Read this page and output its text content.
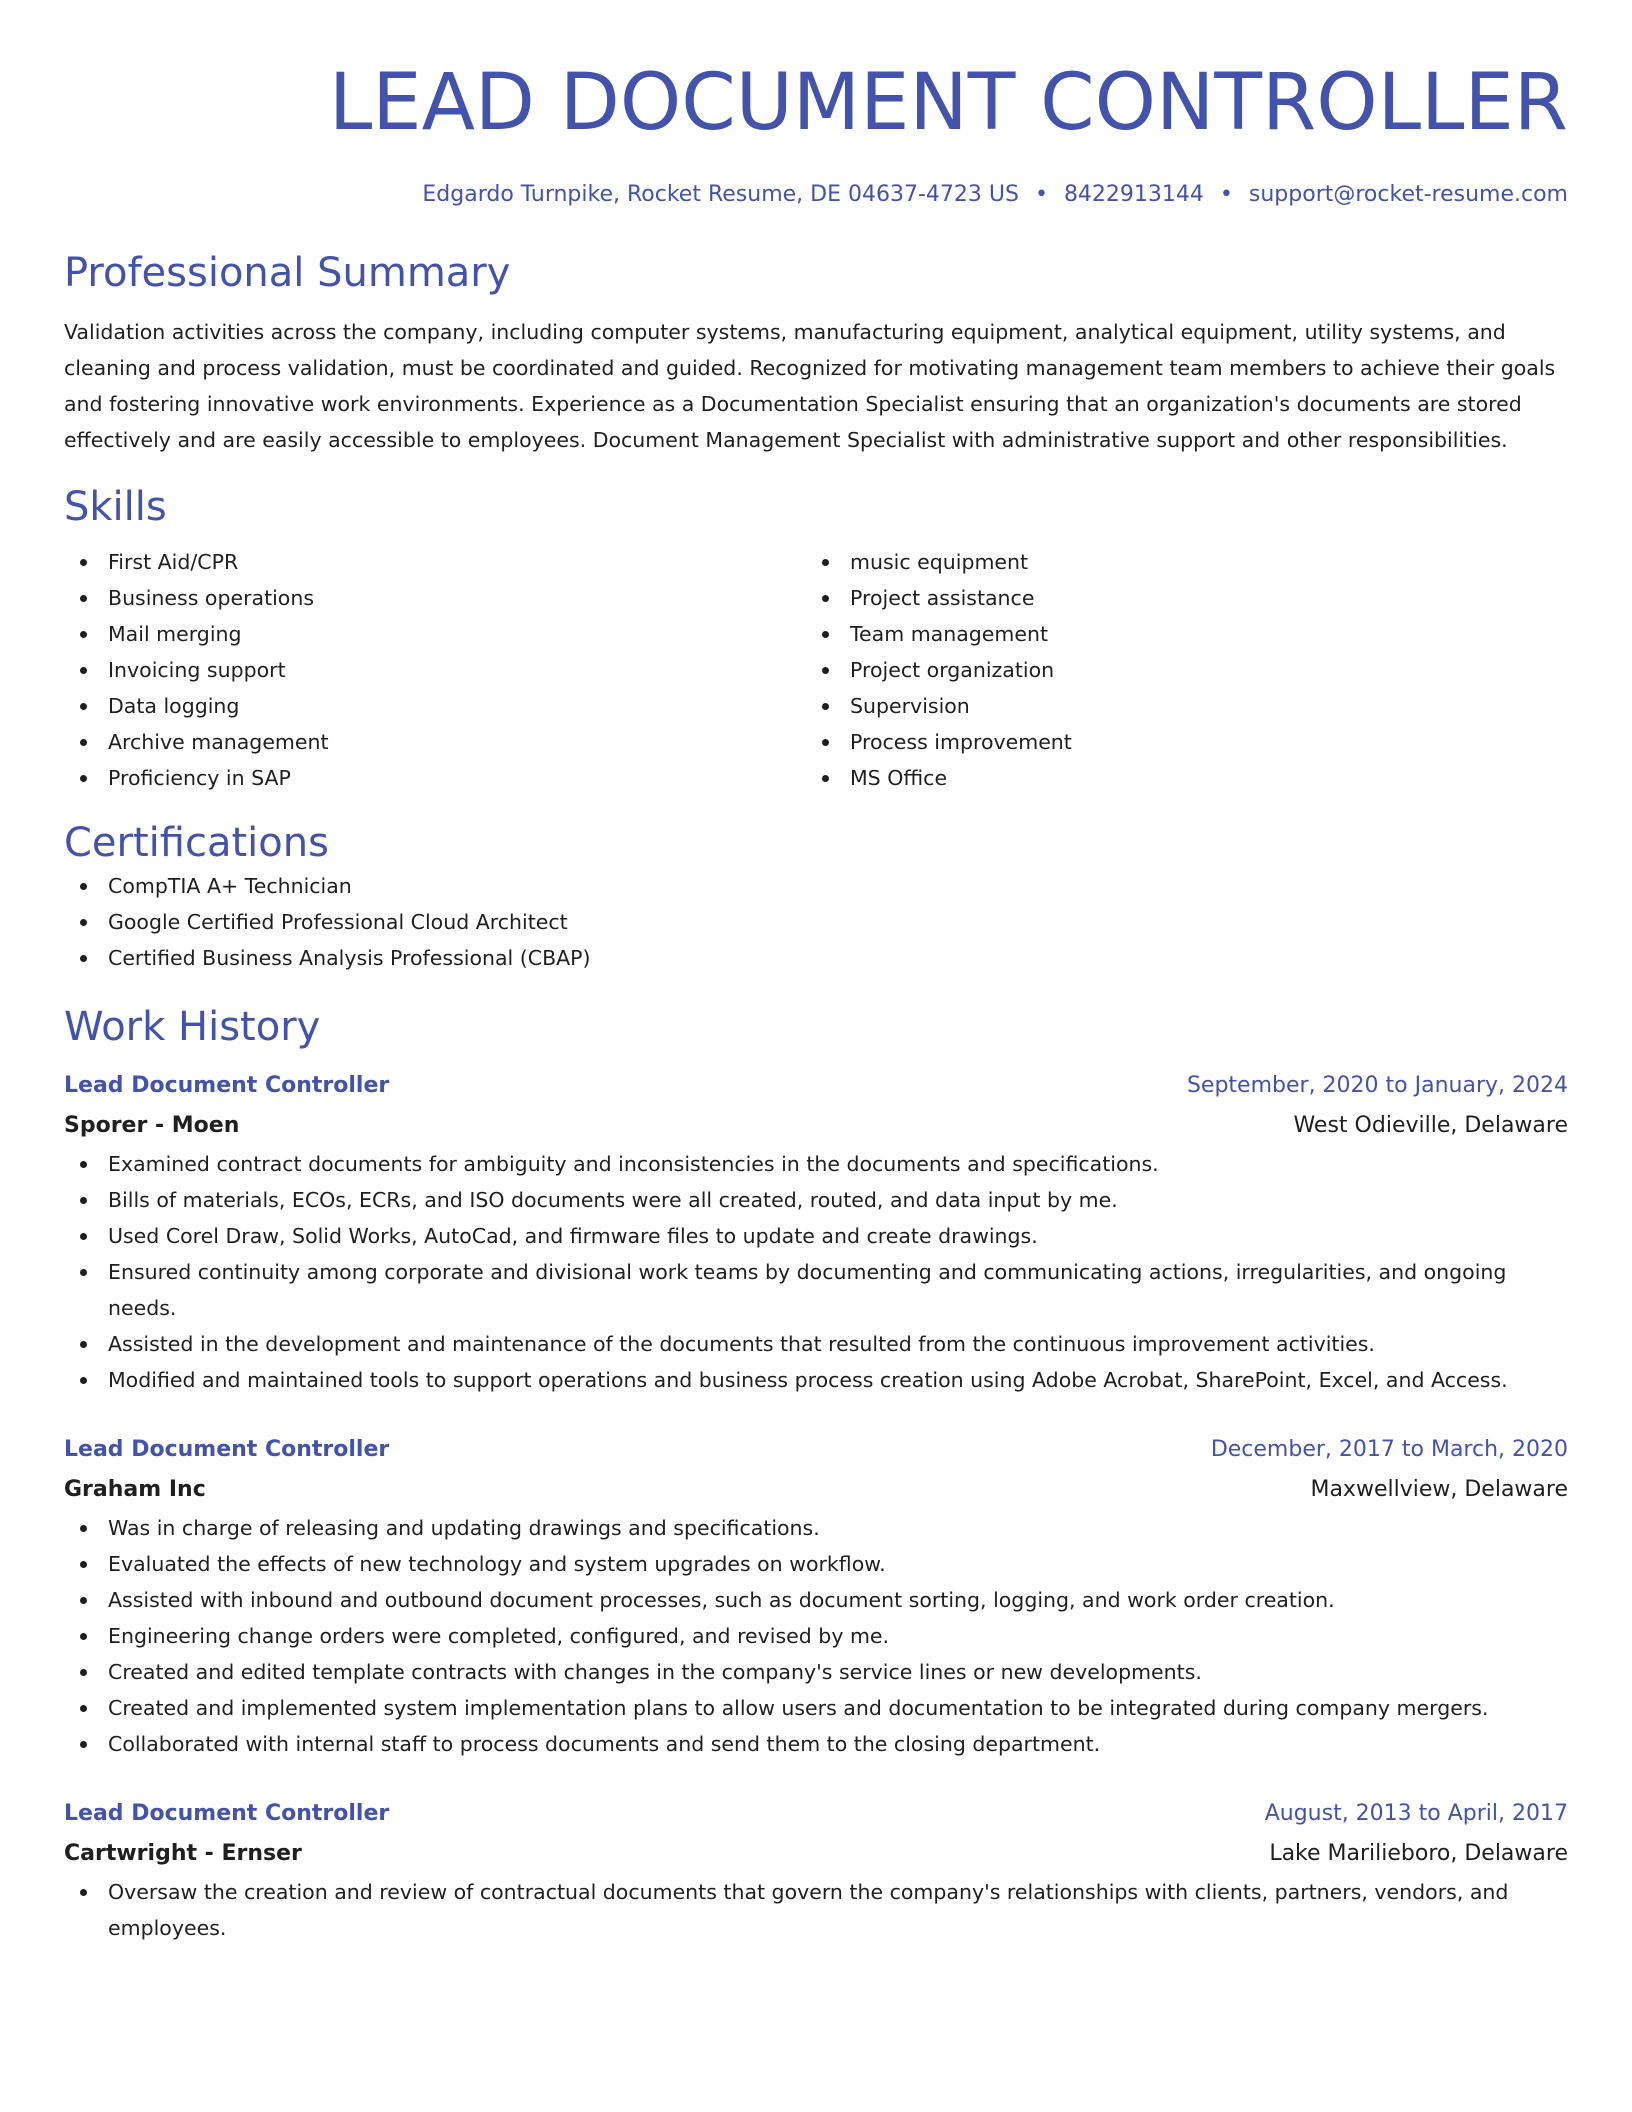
LEAD DOCUMENT CONTROLLER
Edgardo Turnpike, Rocket Resume, DE 04637-4723 US • 8422913144 • support@rocket-resume.com
Professional Summary
Validation activities across the company, including computer systems, manufacturing equipment, analytical equipment, utility systems, and cleaning and process validation, must be coordinated and guided. Recognized for motivating management team members to achieve their goals and fostering innovative work environments. Experience as a Documentation Specialist ensuring that an organization's documents are stored effectively and are easily accessible to employees. Document Management Specialist with administrative support and other responsibilities.
Skills
First Aid/CPR
Business operations
Mail merging
Invoicing support
Data logging
Archive management
Proficiency in SAP
music equipment
Project assistance
Team management
Project organization
Supervision
Process improvement
MS Office
Certifications
CompTIA A+ Technician
Google Certified Professional Cloud Architect
Certified Business Analysis Professional (CBAP)
Work History
Lead Document Controller	September, 2020 to January, 2024
Sporer - Moen	West Odieville, Delaware
Examined contract documents for ambiguity and inconsistencies in the documents and specifications.
Bills of materials, ECOs, ECRs, and ISO documents were all created, routed, and data input by me.
Used Corel Draw, Solid Works, AutoCad, and firmware files to update and create drawings.
Ensured continuity among corporate and divisional work teams by documenting and communicating actions, irregularities, and ongoing needs.
Assisted in the development and maintenance of the documents that resulted from the continuous improvement activities.
Modified and maintained tools to support operations and business process creation using Adobe Acrobat, SharePoint, Excel, and Access.
Lead Document Controller	December, 2017 to March, 2020
Graham Inc	Maxwellview, Delaware
Was in charge of releasing and updating drawings and specifications.
Evaluated the effects of new technology and system upgrades on workflow.
Assisted with inbound and outbound document processes, such as document sorting, logging, and work order creation.
Engineering change orders were completed, configured, and revised by me.
Created and edited template contracts with changes in the company's service lines or new developments.
Created and implemented system implementation plans to allow users and documentation to be integrated during company mergers.
Collaborated with internal staff to process documents and send them to the closing department.
Lead Document Controller	August, 2013 to April, 2017
Cartwright - Ernser	Lake Marilieboro, Delaware
Oversaw the creation and review of contractual documents that govern the company's relationships with clients, partners, vendors, and employees.
